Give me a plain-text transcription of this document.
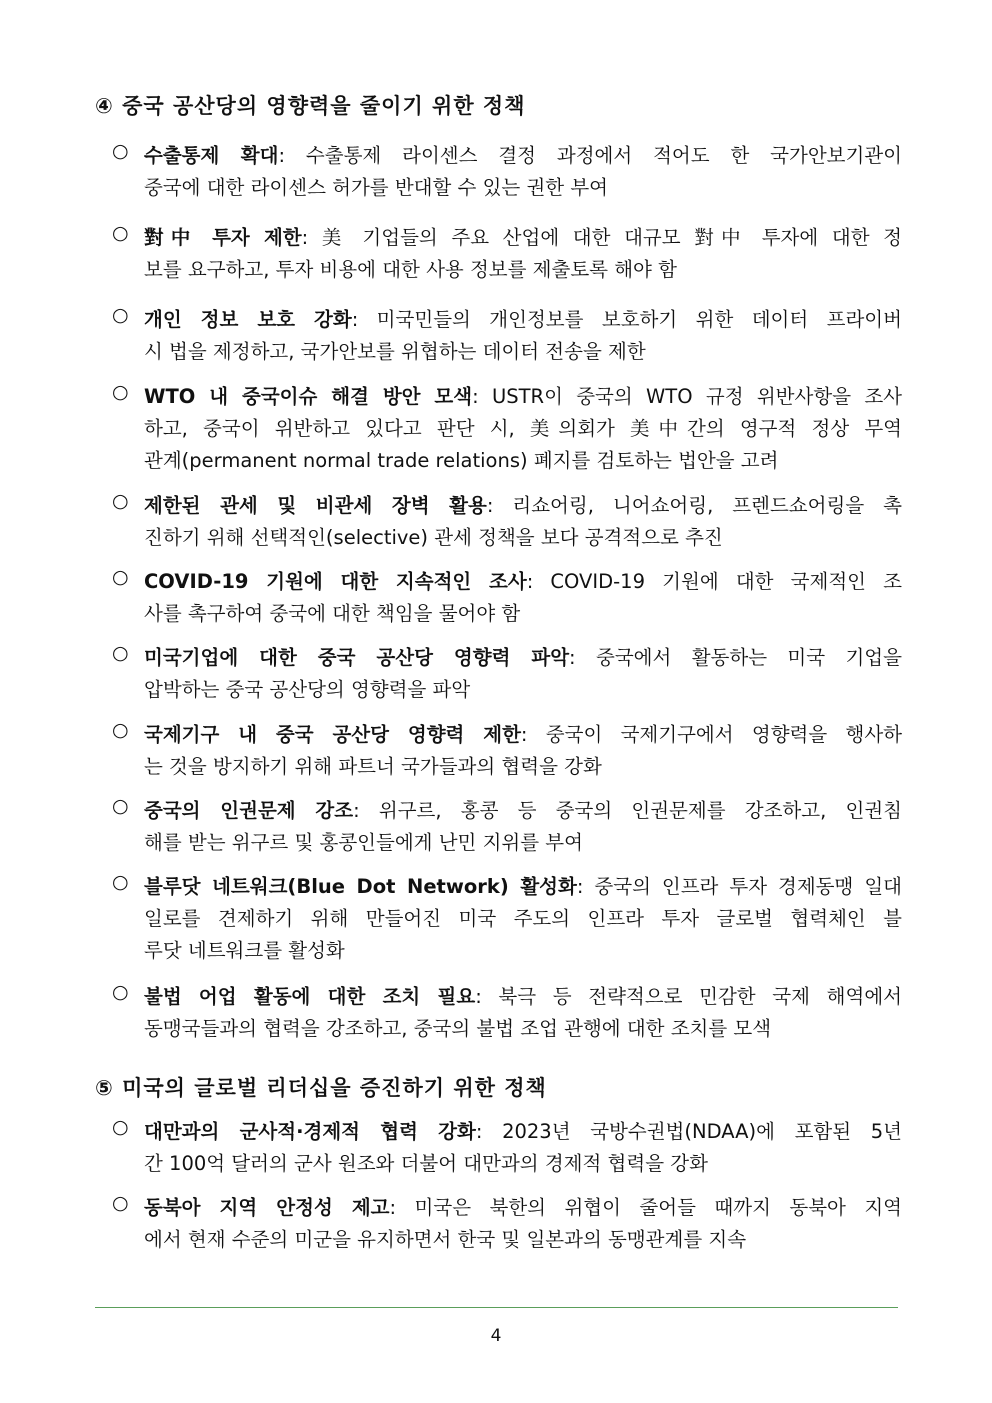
④ 중국 공산당의 영향력을 줄이기 위한 정책
○ 수출통제 확대: 수출통제 라이센스 결정 과정에서 적어도 한 국가안보기관이
중국에 대한 라이센스 허가를 반대할 수 있는 권한 부여
○ 對中 투자 제한: 美 기업들의 주요 산업에 대한 대규모 對中 투자에 대한 정
보를 요구하고, 투자 비용에 대한 사용 정보를 제출토록 해야 함
○ 개인 정보 보호 강화: 미국민들의 개인정보를 보호하기 위한 데이터 프라이버
시 법을 제정하고, 국가안보를 위협하는 데이터 전송을 제한
○ WTO 내 중국이슈 해결 방안 모색: USTR이 중국의 WTO 규정 위반사항을 조사
하고, 중국이 위반하고 있다고 판단 시, 美의회가 美中간의 영구적 정상 무역
관계(permanent normal trade relations) 폐지를 검토하는 법안을 고려
○ 제한된 관세 및 비관세 장벽 활용: 리쇼어링, 니어쇼어링, 프렌드쇼어링을 촉
진하기 위해 선택적인(selective) 관세 정책을 보다 공격적으로 추진
○ COVID-19 기원에 대한 지속적인 조사: COVID-19 기원에 대한 국제적인 조
사를 촉구하여 중국에 대한 책임을 물어야 함
○ 미국기업에 대한 중국 공산당 영향력 파악: 중국에서 활동하는 미국 기업을
압박하는 중국 공산당의 영향력을 파악
○ 국제기구 내 중국 공산당 영향력 제한: 중국이 국제기구에서 영향력을 행사하
는 것을 방지하기 위해 파트너 국가들과의 협력을 강화
○ 중국의 인권문제 강조: 위구르, 홍콩 등 중국의 인권문제를 강조하고, 인권침
해를 받는 위구르 및 홍콩인들에게 난민 지위를 부여
○ 블루닷 네트워크(Blue Dot Network) 활성화: 중국의 인프라 투자 경제동맹 일대
일로를 견제하기 위해 만들어진 미국 주도의 인프라 투자 글로벌 협력체인 블
루닷 네트워크를 활성화
○ 불법 어업 활동에 대한 조치 필요: 북극 등 전략적으로 민감한 국제 해역에서
동맹국들과의 협력을 강조하고, 중국의 불법 조업 관행에 대한 조치를 모색
⑤ 미국의 글로벌 리더십을 증진하기 위한 정책
○ 대만과의 군사적·경제적 협력 강화: 2023년 국방수권법(NDAA)에 포함된 5년
간 100억 달러의 군사 원조와 더불어 대만과의 경제적 협력을 강화
○ 동북아 지역 안정성 제고: 미국은 북한의 위협이 줄어들 때까지 동북아 지역
에서 현재 수준의 미군을 유지하면서 한국 및 일본과의 동맹관계를 지속
4
